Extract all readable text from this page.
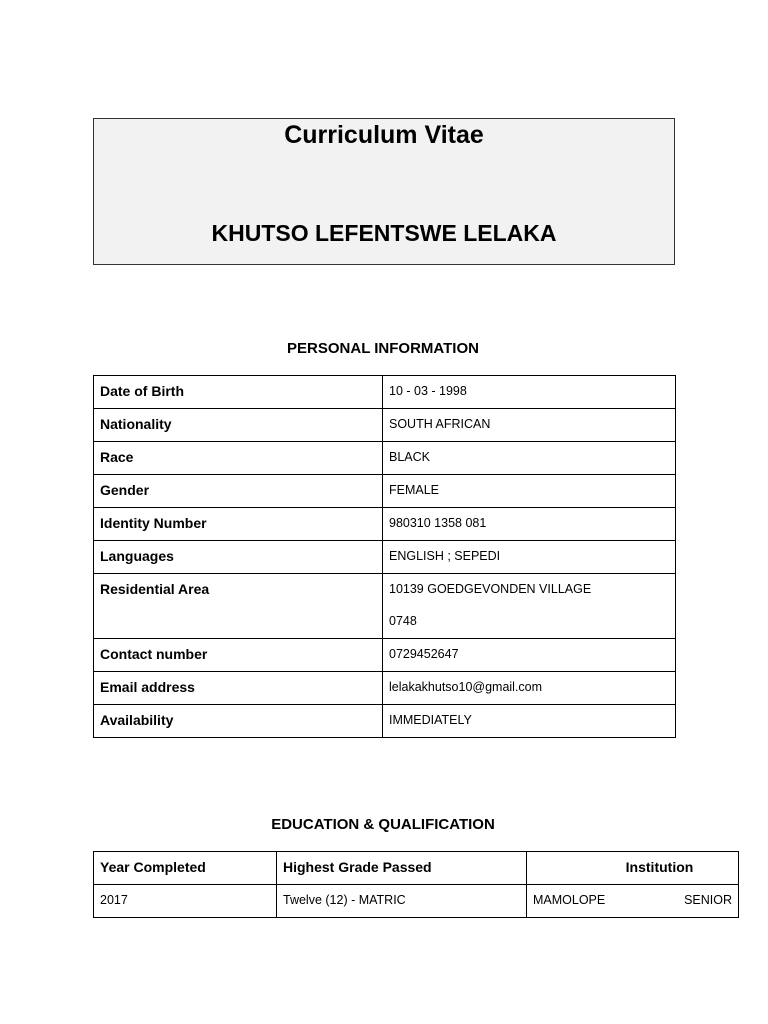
Curriculum Vitae
KHUTSO LEFENTSWE LELAKA
PERSONAL INFORMATION
Date of Birth	10 - 03 - 1998
Nationality	SOUTH AFRICAN
Race	BLACK
Gender	FEMALE
Identity Number	980310 1358 081
Languages	ENGLISH ; SEPEDI
Residential Area	10139 GOEDGEVONDEN VILLAGE
0748

Contact number	0729452647
Email address	lelakakhutso10@gmail.com
Availability	IMMEDIATELY
EDUCATION & QUALIFICATION
Year Completed	Highest Grade Passed	Institution
2017	Twelve (12) - MATRIC	MAMOLOPE SENIOR
